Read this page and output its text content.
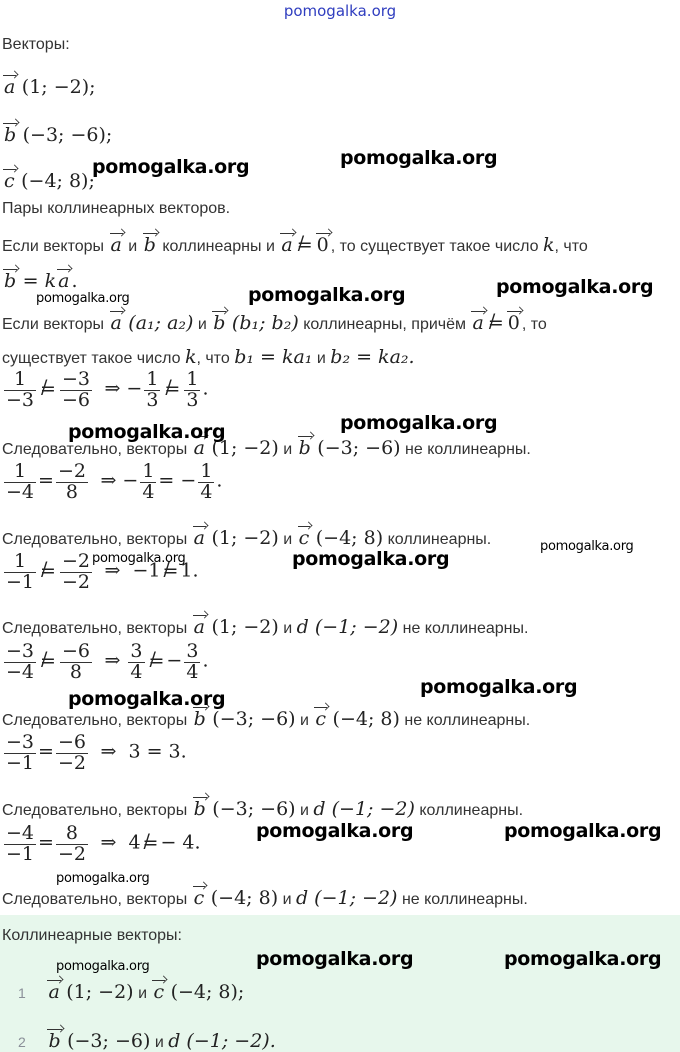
pomogalka.org
Векторы:
a (1; −2);
b (−3; −6);
c (−4; 8);
Пары коллинеарных векторов.
Если векторы a и b коллинеарны и a = / 0 , то существует такое число k, что
b = k a .
Если векторы a (a₁; a₂) и b (b₁; b₂) коллинеарны, причём a = / 0 , то
существует такое число k, что b₁ = ka₁ и b₂ = ka₂.
$\frac{1}{-3}$ = / $\frac{-3}{-6}$ ⇒ − $\frac{1}{3}$ = / $\frac{1}{3}$ .
Следовательно, векторы a (1; −2) и b (−3; −6) не коллинеарны.
$\frac{1}{-4} = \frac{-2}{8}$ ⇒ − $\frac{1}{4}$ = − $\frac{1}{4}$ .
Следовательно, векторы a (1; −2) и c (−4; 8) коллинеарны.
$\frac{1}{-1}$ = / $\frac{-2}{-2}$ ⇒  −1 = / 1.
Следовательно, векторы a (1; −2) и d (−1; −2) не коллинеарны.
$\frac{-3}{-4}$ = / $\frac{-6}{8}$ ⇒ $\frac{3}{4}$ = / − $\frac{3}{4}$ .
Следовательно, векторы b (−3; −6) и c (−4; 8) не коллинеарны.
$\frac{-3}{-1} = \frac{-6}{-2}$ ⇒  3 = 3.
Следовательно, векторы b (−3; −6) и d (−1; −2) коллинеарны.
$\frac{-4}{-1} = \frac{8}{-2}$ ⇒  4 = / − 4.
Следовательно, векторы c (−4; 8) и d (−1; −2) не коллинеарны.
Коллинеарные векторы:
1 a (1; −2) и c (−4; 8);
2 b (−3; −6) и d (−1; −2).
pomogalka.org	pomogalka.org
pomogalka.org	pomogalka.org	pomogalka.org
pomogalka.org
pomogalka.org
pomogalka.org	pomogalka.org
pomogalka.org
pomogalka.org
pomogalka.org
pomogalka.org	pomogalka.org
pomogalka.org
pomogalka.org	pomogalka.org	pomogalka.org
